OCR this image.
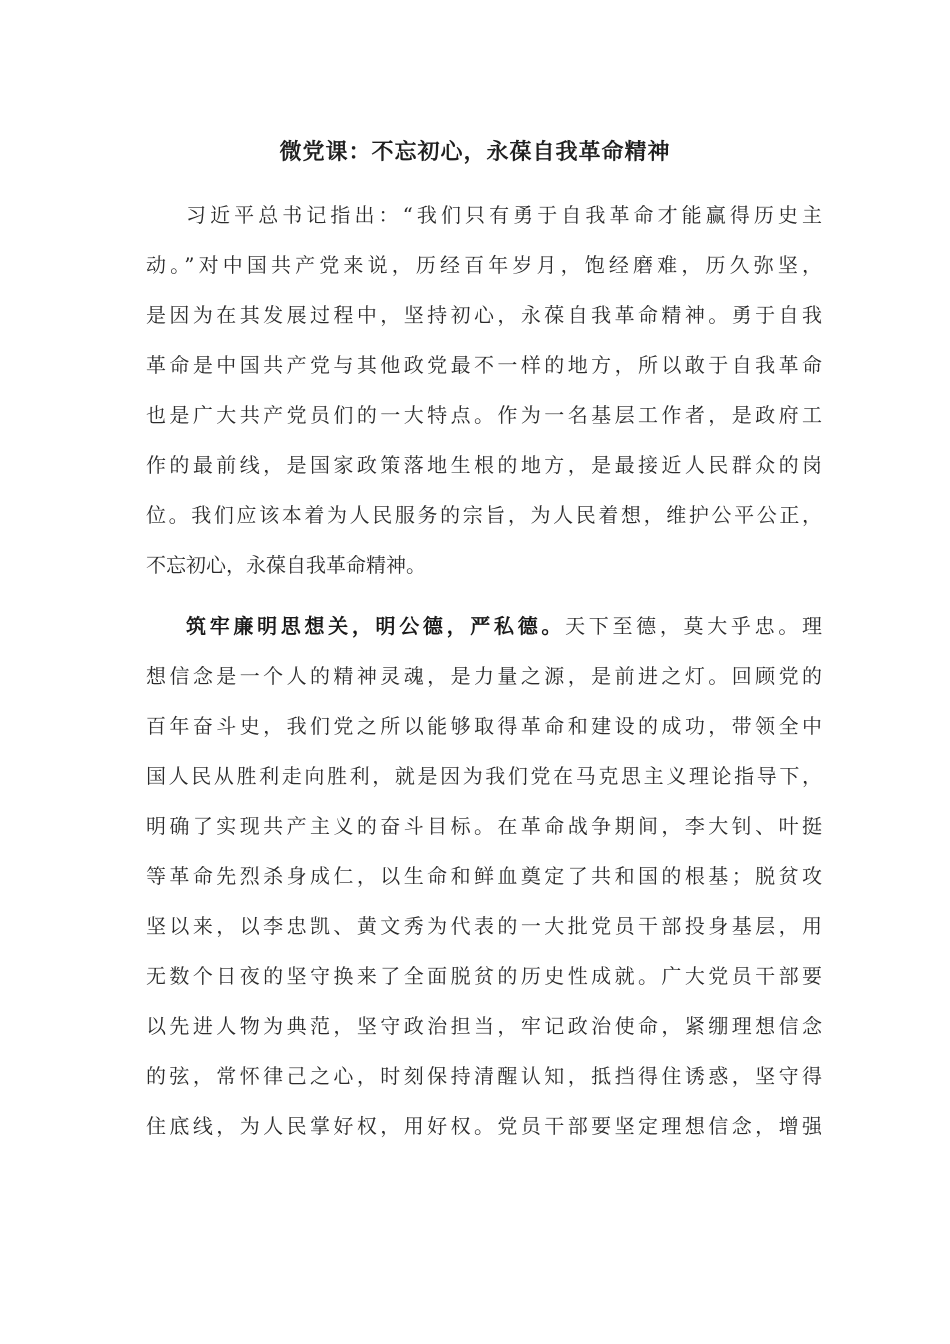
微党课：不忘初心，永葆自我革命精神
习近平总书记指出：“我们只有勇于自我革命才能赢得历史主
动。”对中国共产党来说，历经百年岁月，饱经磨难，历久弥坚，
是因为在其发展过程中，坚持初心，永葆自我革命精神。勇于自我
革命是中国共产党与其他政党最不一样的地方，所以敢于自我革命
也是广大共产党员们的一大特点。作为一名基层工作者，是政府工
作的最前线，是国家政策落地生根的地方，是最接近人民群众的岗
位。我们应该本着为人民服务的宗旨，为人民着想，维护公平公正，
不忘初心，永葆自我革命精神。
筑牢廉明思想关，明公德，严私德。天下至德，莫大乎忠。理
想信念是一个人的精神灵魂，是力量之源，是前进之灯。回顾党的
百年奋斗史，我们党之所以能够取得革命和建设的成功，带领全中
国人民从胜利走向胜利，就是因为我们党在马克思主义理论指导下，
明确了实现共产主义的奋斗目标。在革命战争期间，李大钊、叶挺
等革命先烈杀身成仁，以生命和鲜血奠定了共和国的根基；脱贫攻
坚以来，以李忠凯、黄文秀为代表的一大批党员干部投身基层，用
无数个日夜的坚守换来了全面脱贫的历史性成就。广大党员干部要
以先进人物为典范，坚守政治担当，牢记政治使命，紧绷理想信念
的弦，常怀律己之心，时刻保持清醒认知，抵挡得住诱惑，坚守得
住底线，为人民掌好权，用好权。党员干部要坚定理想信念，增强
